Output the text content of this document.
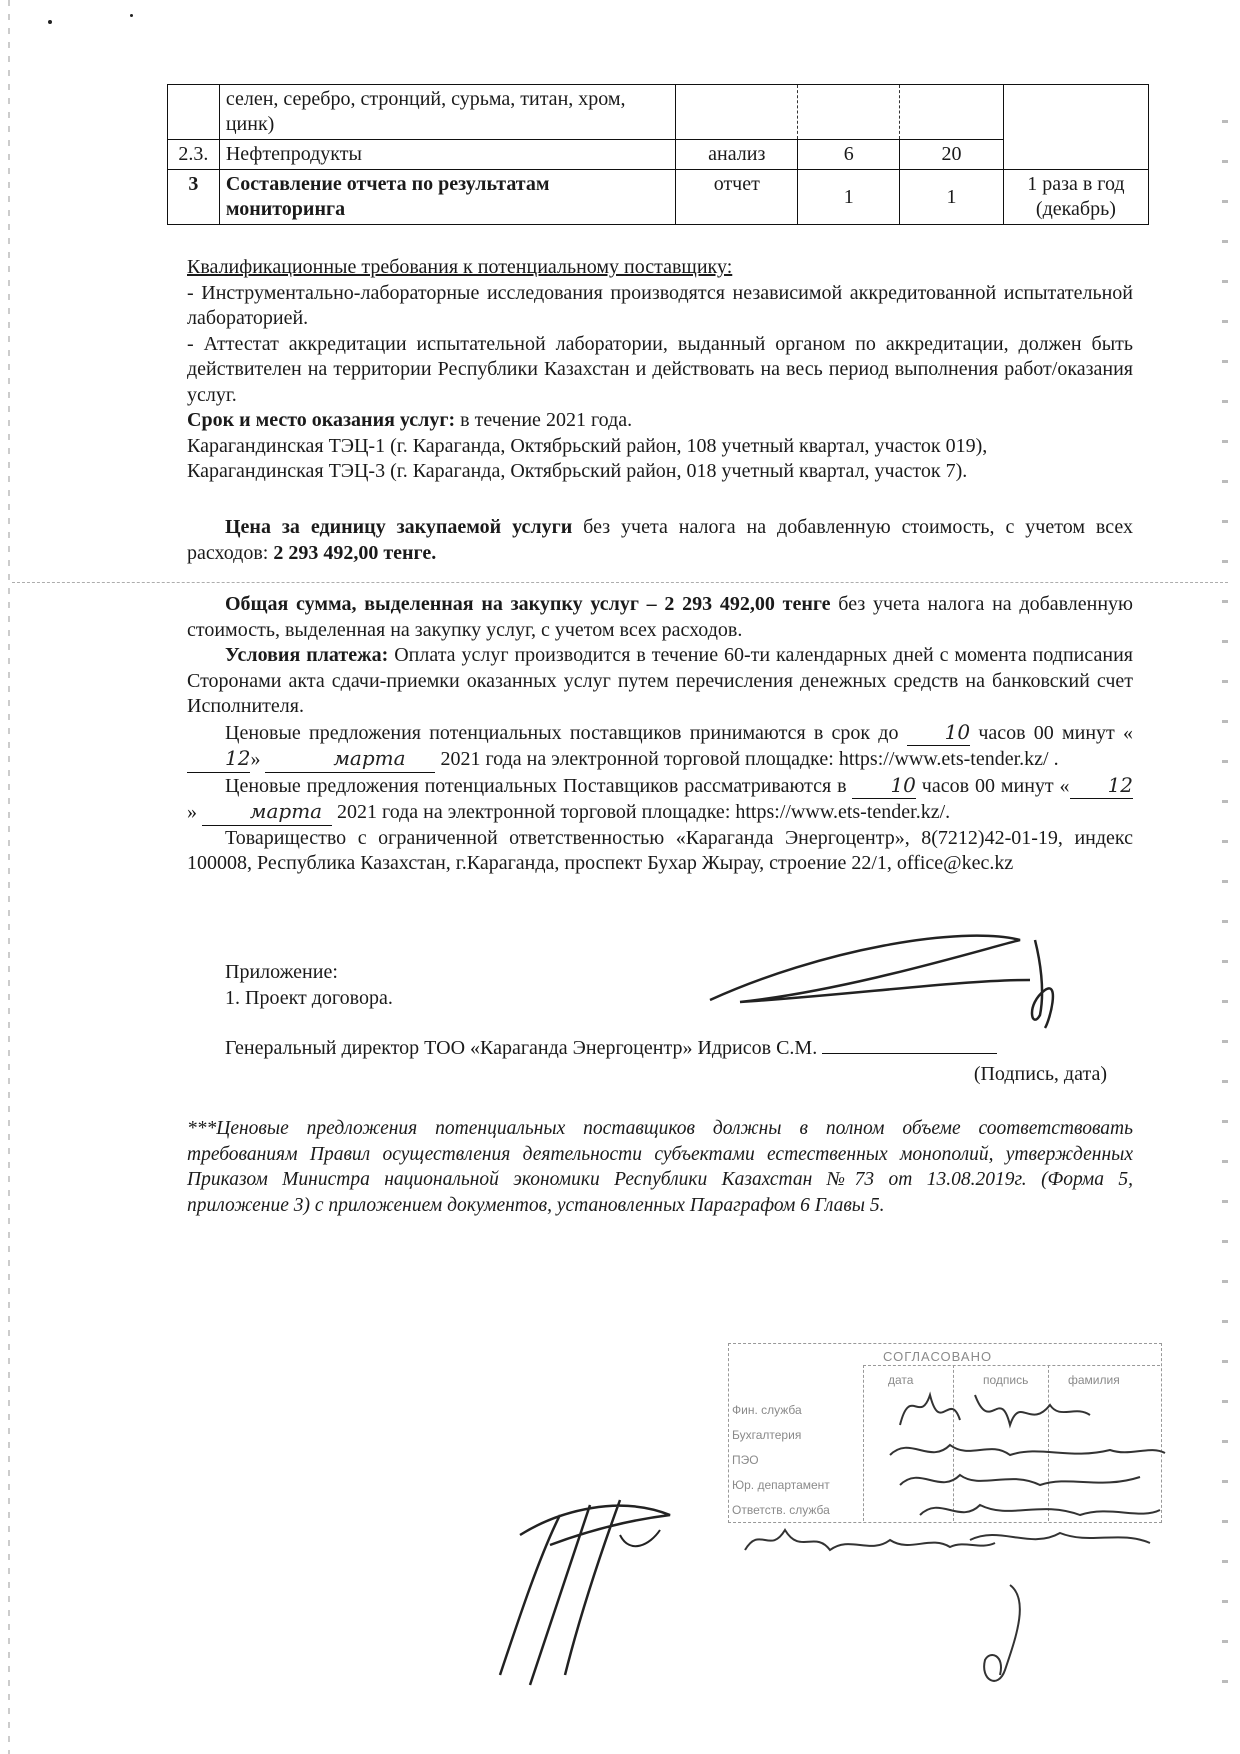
	селен, серебро, стронций, сурьма, титан, хром, цинк)				
2.3.	Нефтепродукты	анализ	6	20	
3	Составление отчета по результатам мониторинга	отчет	1	1	1 раза в год (декабрь)

Квалификационные требования к потенциальному поставщику:

- Инструментально-лабораторные исследования производятся независимой аккредитованной испытательной лабораторией.

- Аттестат аккредитации испытательной лаборатории, выданный органом по аккредитации, должен быть действителен на территории Республики Казахстан и действовать на весь период выполнения работ/оказания услуг.

Срок и место оказания услуг: в течение 2021 года.

Карагандинская ТЭЦ-1 (г. Караганда, Октябрьский район, 108 учетный квартал, участок 019),

Карагандинская ТЭЦ-3 (г. Караганда, Октябрьский район, 018 учетный квартал, участок 7).

Цена за единицу закупаемой услуги без учета налога на добавленную стоимость, с учетом всех расходов: 2 293 492,00 тенге.

Общая сумма, выделенная на закупку услуг – 2 293 492,00 тенге без учета налога на добавленную стоимость, выделенная на закупку услуг, с учетом всех расходов.

Условия платежа: Оплата услуг производится в течение 60-ти календарных дней с момента подписания Сторонами акта сдачи-приемки оказанных услуг путем перечисления денежных средств на банковский счет Исполнителя.

Ценовые предложения потенциальных поставщиков принимаются в срок до 10 часов 00 минут «12»	марта 2021 года на электронной торговой площадке: https://www.ets-tender.kz/ .

Ценовые предложения потенциальных Поставщиков рассматриваются в 10 часов 00 минут « 12» марта 2021 года на электронной торговой площадке: https://www.ets-tender.kz/.

Товарищество с ограниченной ответственностью «Караганда Энергоцентр», 8(7212)42-01-19, индекс 100008, Республика Казахстан, г.Караганда, проспект Бухар Жырау, строение 22/1, office@kec.kz

Приложение:

1. Проект договора.

Генеральный директор ТОО «Караганда Энергоцентр» Идрисов С.М.

(Подпись, дата)

***Ценовые предложения потенциальных поставщиков должны в полном объеме соответствовать требованиям Правил осуществления деятельности субъектами естественных монополий, утвержденных Приказом Министра национальной экономики Республики Казахстан №73 от 13.08.2019г. (Форма 5, приложение 3) с приложением документов, установленных Параграфом 6 Главы 5.
СОГЛАСОВАНО
дата	подпись	фамилия
Фин. служба
Бухгалтерия
ПЭО
Юр. департамент
Ответств. служба
